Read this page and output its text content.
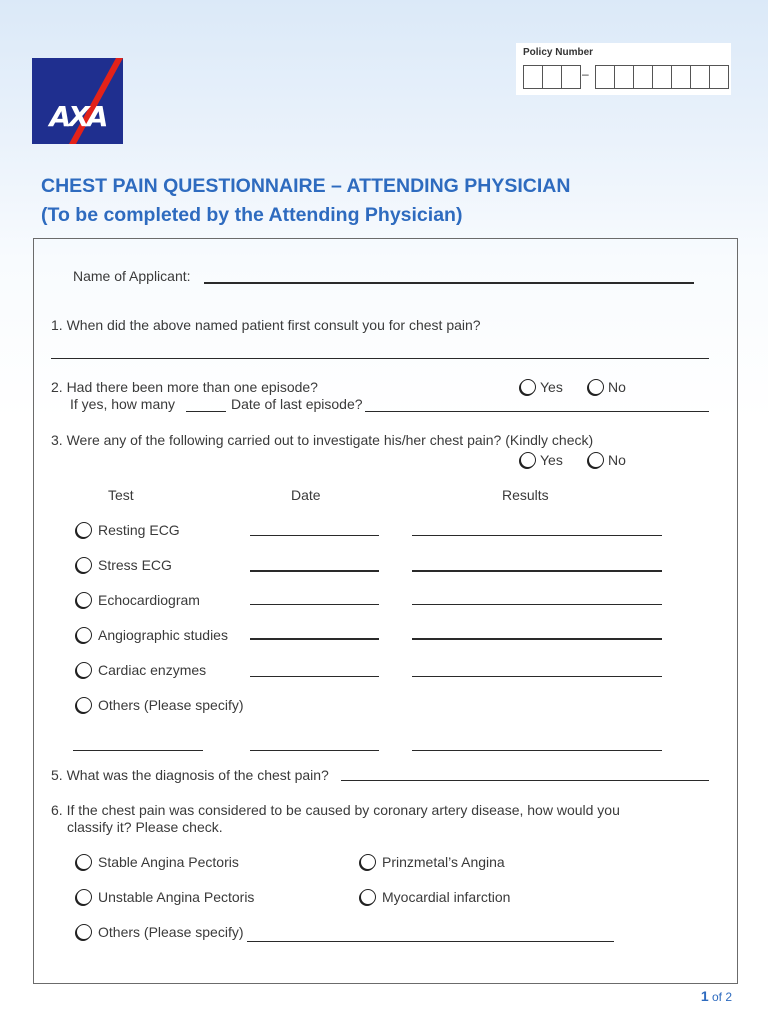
AXA
Policy Number
–
CHEST PAIN QUESTIONNAIRE – ATTENDING PHYSICIAN
(To be completed by the Attending Physician)
Name of Applicant:
1. When did the above named patient first consult you for chest pain?
2. Had there been more than one episode?	Yes	No
If yes, how many	Date of last episode?
3. Were any of the following carried out to investigate his/her chest pain? (Kindly check)
Yes	No
Test	Date	Results
Resting ECG
Stress ECG
Echocardiogram
Angiographic studies
Cardiac enzymes
Others (Please specify)
5. What was the diagnosis of the chest pain?
6. If the chest pain was considered to be caused by coronary artery disease, how would you
classify it? Please check.
Stable Angina Pectoris	Prinzmetal’s Angina
Unstable Angina Pectoris	Myocardial infarction
Others (Please specify)
1 of 2
